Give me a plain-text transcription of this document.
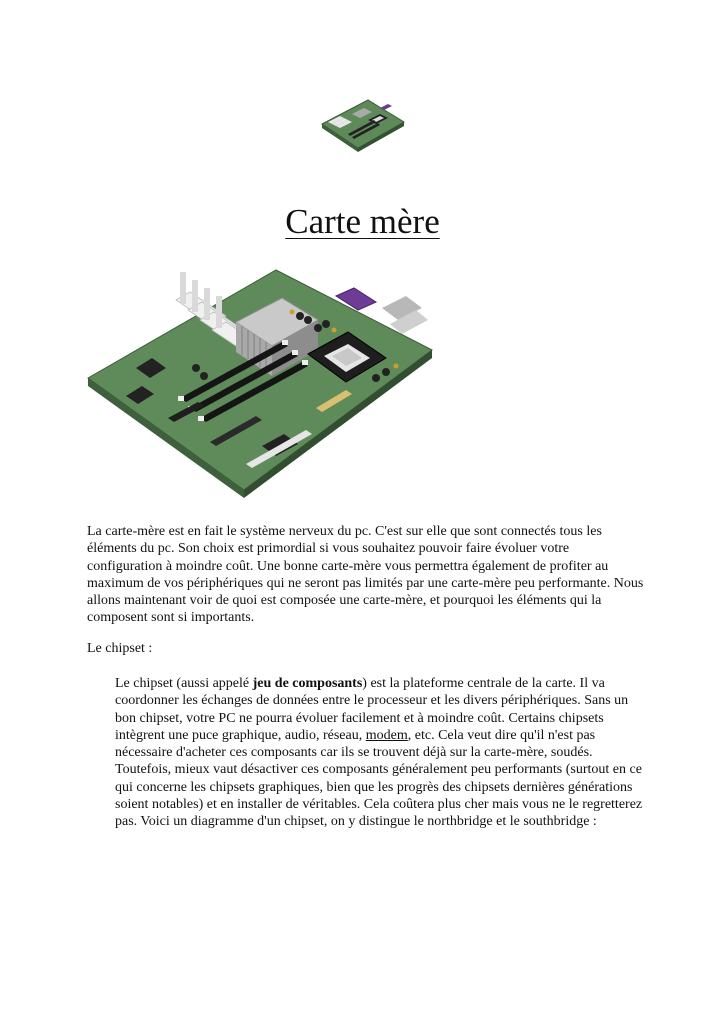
Carte mère
La carte-mère est en fait le système nerveux du pc. C'est sur elle que sont connectés tous les éléments du pc. Son choix est primordial si vous souhaitez pouvoir faire évoluer votre configuration à moindre coût. Une bonne carte-mère vous permettra également de profiter au maximum de vos périphériques qui ne seront pas limités par une carte-mère peu performante. Nous allons maintenant voir de quoi est composée une carte-mère, et pourquoi les éléments qui la composent sont si importants.
Le chipset :
Le chipset (aussi appelé jeu de composants) est la plateforme centrale de la carte. Il va coordonner les échanges de données entre le processeur et les divers périphériques. Sans un bon chipset, votre PC ne pourra évoluer facilement et à moindre coût. Certains chipsets intègrent une puce graphique, audio, réseau, modem, etc. Cela veut dire qu'il n'est pas nécessaire d'acheter ces composants car ils se trouvent déjà sur la carte-mère, soudés. Toutefois, mieux vaut désactiver ces composants généralement peu performants (surtout en ce qui concerne les chipsets graphiques, bien que les progrès des chipsets dernières générations soient notables) et en installer de véritables. Cela coûtera plus cher mais vous ne le regretterez pas. Voici un diagramme d'un chipset, on y distingue le northbridge et le southbridge :
